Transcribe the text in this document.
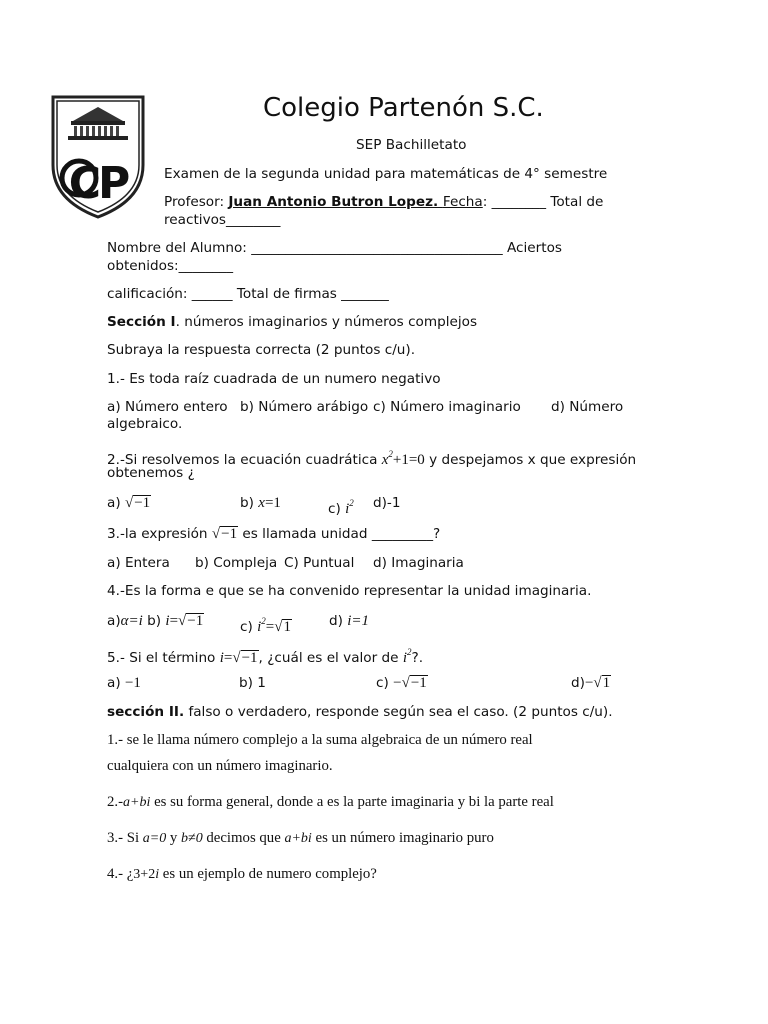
CP
Colegio Partenón S.C.
SEP Bachilletato
Examen de la segunda unidad para matemáticas de 4° semestre
Profesor: Juan Antonio Butron Lopez. Fecha: ________ Total de
reactivos________
Nombre del Alumno: _____________________________________ Aciertos
obtenidos:________
calificación: ______ Total de firmas _______
Sección I. números imaginarios y números complejos
Subraya la respuesta correcta (2 puntos c/u).
1.- Es toda raíz cuadrada de un numero negativo
a) Número entero b) Número arábigo c) Número imaginario d) Número
algebraico.
2.-Si resolvemos la ecuación cuadrática $x^2+1=0$ y despejamos x que expresión
obtenemos ¿
a) √−1	b) x=1	c) $i^2$ d)-1
3.-la expresión √−1 es llamada unidad _________?
a) Entera b) Compleja C) Puntual d) Imaginaria
4.-Es la forma e que se ha convenido representar la unidad imaginaria.
a)α=i b) i=√−1	c) $i^2=√1$	d) i=1
5.- Si el término i=√−1, ¿cuál es el valor de $i^2$?.
a) −1	b) 1	c) −√−1	d)−√1
sección II. falso o verdadero, responde según sea el caso. (2 puntos c/u).
1.- se le llama número complejo a la suma algebraica de un número real
cualquiera con un número imaginario.
2.-a+bi es su forma general, donde a es la parte imaginaria y bi la parte real
3.- Si a=0 y b≠0 decimos que a+bi es un número imaginario puro
4.- ¿3+2i es un ejemplo de numero complejo?
